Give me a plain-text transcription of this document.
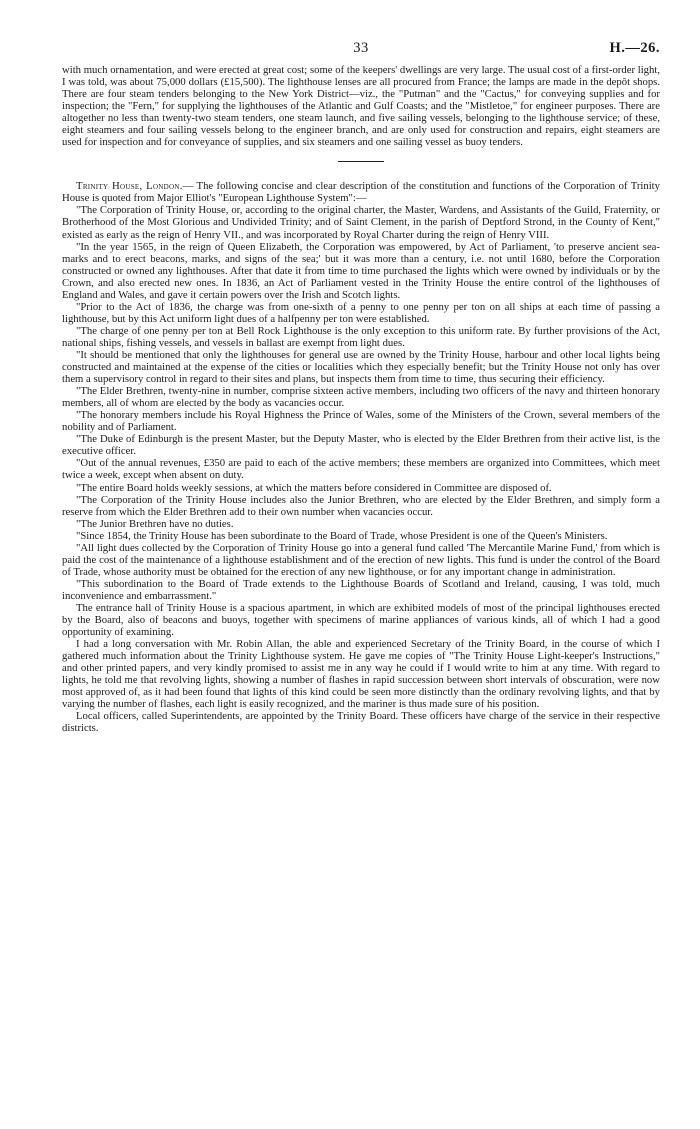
33	H.—26.

with much ornamentation, and were erected at great cost; some of the keepers' dwellings are very large. The usual cost of a first-order light, I was told, was about 75,000 dollars (£15,500). The lighthouse lenses are all procured from France; the lamps are made in the depôt shops. There are four steam tenders belonging to the New York District—viz., the "Putman" and the "Cactus," for conveying supplies and for inspection; the "Fern," for supplying the lighthouses of the Atlantic and Gulf Coasts; and the "Mistletoe," for engineer purposes. There are altogether no less than twenty-two steam tenders, one steam launch, and five sailing vessels, belonging to the lighthouse service; of these, eight steamers and four sailing vessels belong to the engineer branch, and are only used for construction and repairs, eight steamers are used for inspection and for conveyance of supplies, and six steamers and one sailing vessel as buoy tenders.

Trinity House, London.— The following concise and clear description of the constitution and functions of the Corporation of Trinity House is quoted from Major Elliot's "European Lighthouse System":—

"The Corporation of Trinity House, or, according to the original charter, the Master, Wardens, and Assistants of the Guild, Fraternity, or Brotherhood of the Most Glorious and Undivided Trinity; and of Saint Clement, in the parish of Deptford Strond, in the County of Kent," existed as early as the reign of Henry VII., and was incorporated by Royal Charter during the reign of Henry VIII.

"In the year 1565, in the reign of Queen Elizabeth, the Corporation was empowered, by Act of Parliament, 'to preserve ancient sea-marks and to erect beacons, marks, and signs of the sea;' but it was more than a century, i.e. not until 1680, before the Corporation constructed or owned any lighthouses. After that date it from time to time purchased the lights which were owned by individuals or by the Crown, and also erected new ones. In 1836, an Act of Parliament vested in the Trinity House the entire control of the lighthouses of England and Wales, and gave it certain powers over the Irish and Scotch lights.

"Prior to the Act of 1836, the charge was from one-sixth of a penny to one penny per ton on all ships at each time of passing a lighthouse, but by this Act uniform light dues of a halfpenny per ton were established.

"The charge of one penny per ton at Bell Rock Lighthouse is the only exception to this uniform rate. By further provisions of the Act, national ships, fishing vessels, and vessels in ballast are exempt from light dues.

"It should be mentioned that only the lighthouses for general use are owned by the Trinity House, harbour and other local lights being constructed and maintained at the expense of the cities or localities which they especially benefit; but the Trinity House not only has over them a supervisory control in regard to their sites and plans, but inspects them from time to time, thus securing their efficiency.

"The Elder Brethren, twenty-nine in number, comprise sixteen active members, including two officers of the navy and thirteen honorary members, all of whom are elected by the body as vacancies occur.

"The honorary members include his Royal Highness the Prince of Wales, some of the Ministers of the Crown, several members of the nobility and of Parliament.

"The Duke of Edinburgh is the present Master, but the Deputy Master, who is elected by the Elder Brethren from their active list, is the executive officer.

"Out of the annual revenues, £350 are paid to each of the active members; these members are organized into Committees, which meet twice a week, except when absent on duty.

"The entire Board holds weekly sessions, at which the matters before considered in Committee are disposed of.

"The Corporation of the Trinity House includes also the Junior Brethren, who are elected by the Elder Brethren, and simply form a reserve from which the Elder Brethren add to their own number when vacancies occur.

"The Junior Brethren have no duties.

"Since 1854, the Trinity House has been subordinate to the Board of Trade, whose President is one of the Queen's Ministers.

"All light dues collected by the Corporation of Trinity House go into a general fund called 'The Mercantile Marine Fund,' from which is paid the cost of the maintenance of a lighthouse establishment and of the erection of new lights. This fund is under the control of the Board of Trade, whose authority must be obtained for the erection of any new lighthouse, or for any important change in administration.

"This subordination to the Board of Trade extends to the Lighthouse Boards of Scotland and Ireland, causing, I was told, much inconvenience and embarrassment."

The entrance hall of Trinity House is a spacious apartment, in which are exhibited models of most of the principal lighthouses erected by the Board, also of beacons and buoys, together with specimens of marine appliances of various kinds, all of which I had a good opportunity of examining.

I had a long conversation with Mr. Robin Allan, the able and experienced Secretary of the Trinity Board, in the course of which I gathered much information about the Trinity Lighthouse system. He gave me copies of "The Trinity House Light-keeper's Instructions," and other printed papers, and very kindly promised to assist me in any way he could if I would write to him at any time. With regard to lights, he told me that revolving lights, showing a number of flashes in rapid succession between short intervals of obscuration, were now most approved of, as it had been found that lights of this kind could be seen more distinctly than the ordinary revolving lights, and that by varying the number of flashes, each light is easily recognized, and the mariner is thus made sure of his position.

Local officers, called Superintendents, are appointed by the Trinity Board. These officers have charge of the service in their respective districts.
